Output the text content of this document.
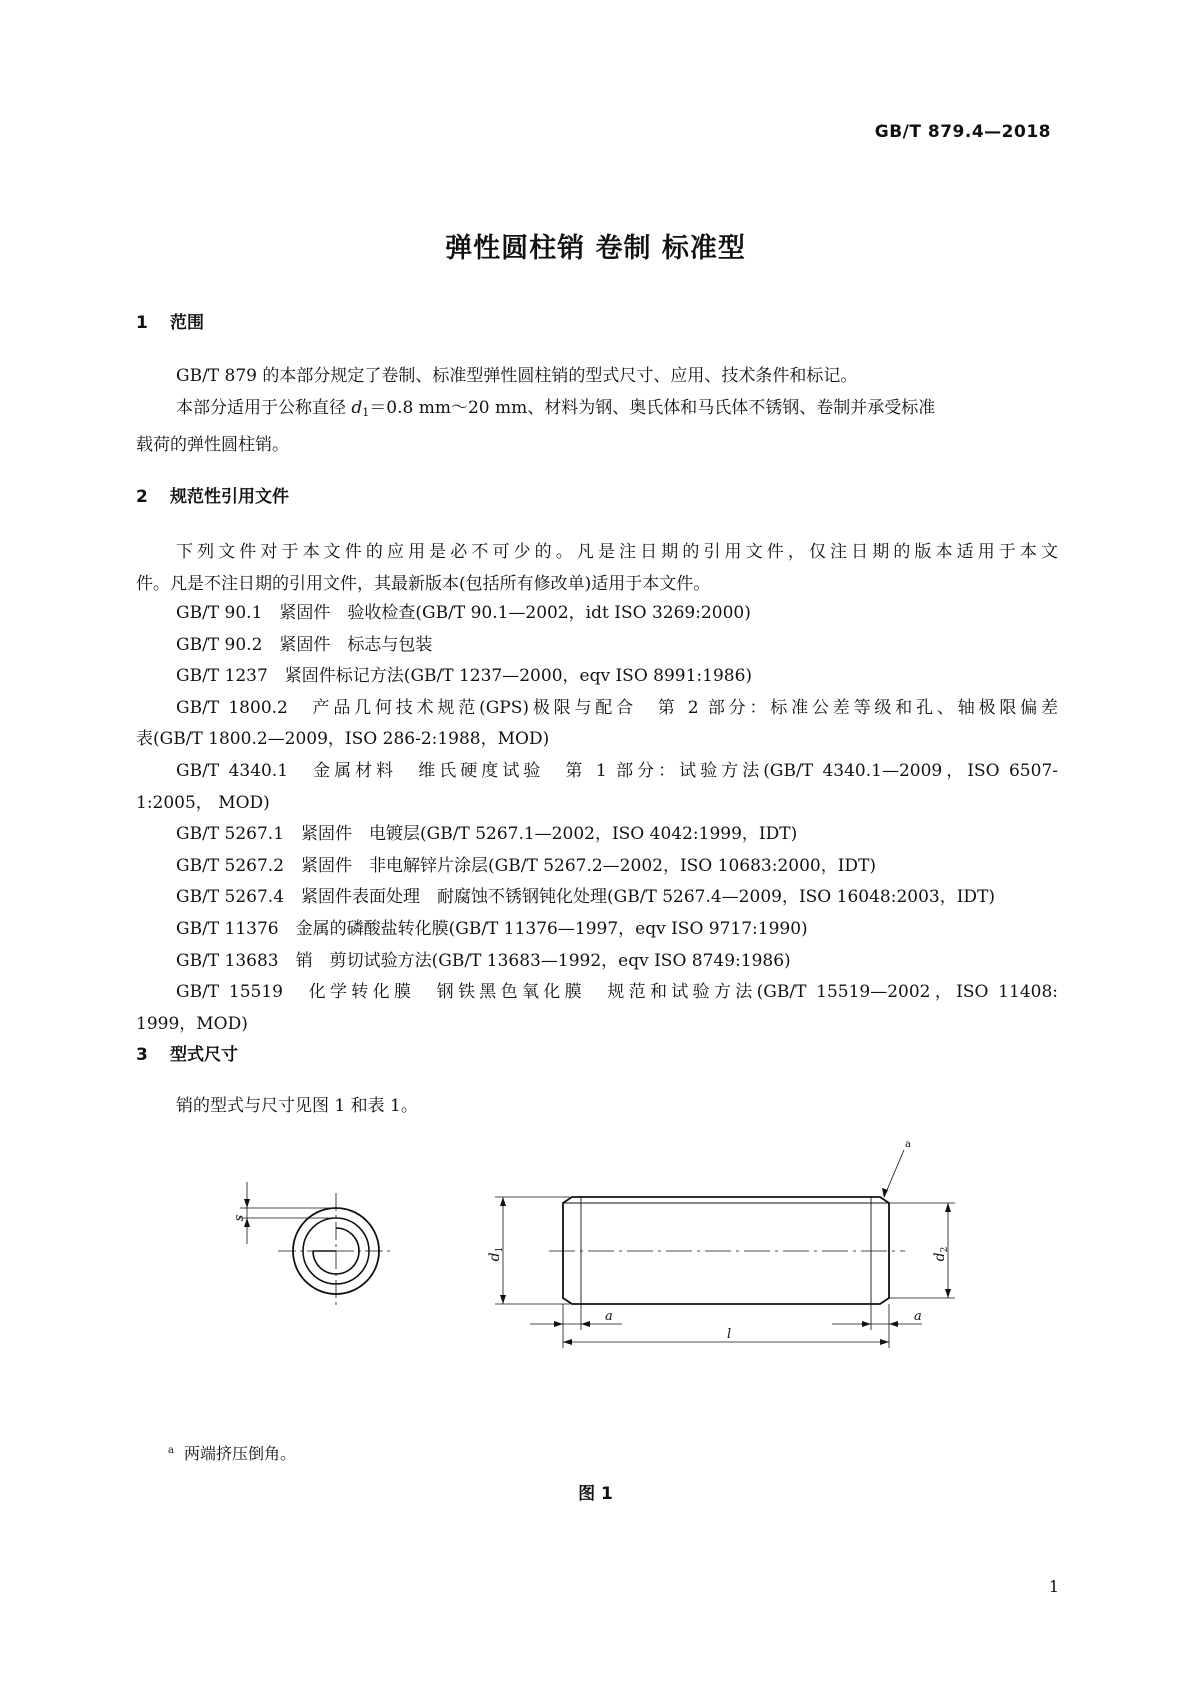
GB/T 879.4—2018
弹性圆柱销 卷制 标准型
1 范围
GB/T 879 的本部分规定了卷制、标准型弹性圆柱销的型式尺寸、应用、技术条件和标记。
本部分适用于公称直径 $d_1=0.8$ mm～20 mm、材料为钢、奥氏体和马氏体不锈钢、卷制并承受标准
载荷的弹性圆柱销。
2 规范性引用文件
下列文件对于本文件的应用是必不可少的。凡是注日期的引用文件，仅注日期的版本适用于本文
件。凡是不注日期的引用文件，其最新版本(包括所有修改单)适用于本文件。
GB/T 90.1　紧固件　验收检查(GB/T 90.1—2002，idt ISO 3269:2000)
GB/T 90.2　紧固件　标志与包装
GB/T 1237　紧固件标记方法(GB/T 1237—2000，eqv ISO 8991:1986)
GB/T 1800.2　产品几何技术规范(GPS)极限与配合　第 2 部分：标准公差等级和孔、轴极限偏差
表(GB/T 1800.2—2009，ISO 286-2:1988，MOD)
GB/T 4340.1　金属材料　维氏硬度试验　第 1 部分：试验方法(GB/T 4340.1—2009，ISO 6507-
1:2005， MOD)
GB/T 5267.1　紧固件　电镀层(GB/T 5267.1—2002，ISO 4042:1999，IDT)
GB/T 5267.2　紧固件　非电解锌片涂层(GB/T 5267.2—2002，ISO 10683:2000，IDT)
GB/T 5267.4　紧固件表面处理　耐腐蚀不锈钢钝化处理(GB/T 5267.4—2009，ISO 16048:2003，IDT)
GB/T 11376　金属的磷酸盐转化膜(GB/T 11376—1997，eqv ISO 9717:1990)
GB/T 13683　销　剪切试验方法(GB/T 13683—1992，eqv ISO 8749:1986)
GB/T 15519　化学转化膜　钢铁黑色氧化膜　规范和试验方法(GB/T 15519—2002，ISO 11408:
1999，MOD)
3 型式尺寸
销的型式与尺寸见图 1 和表 1。
s
a
$d_1$
$d_2$
a	a
l
$^a$ 两端挤压倒角。
图 1
1
